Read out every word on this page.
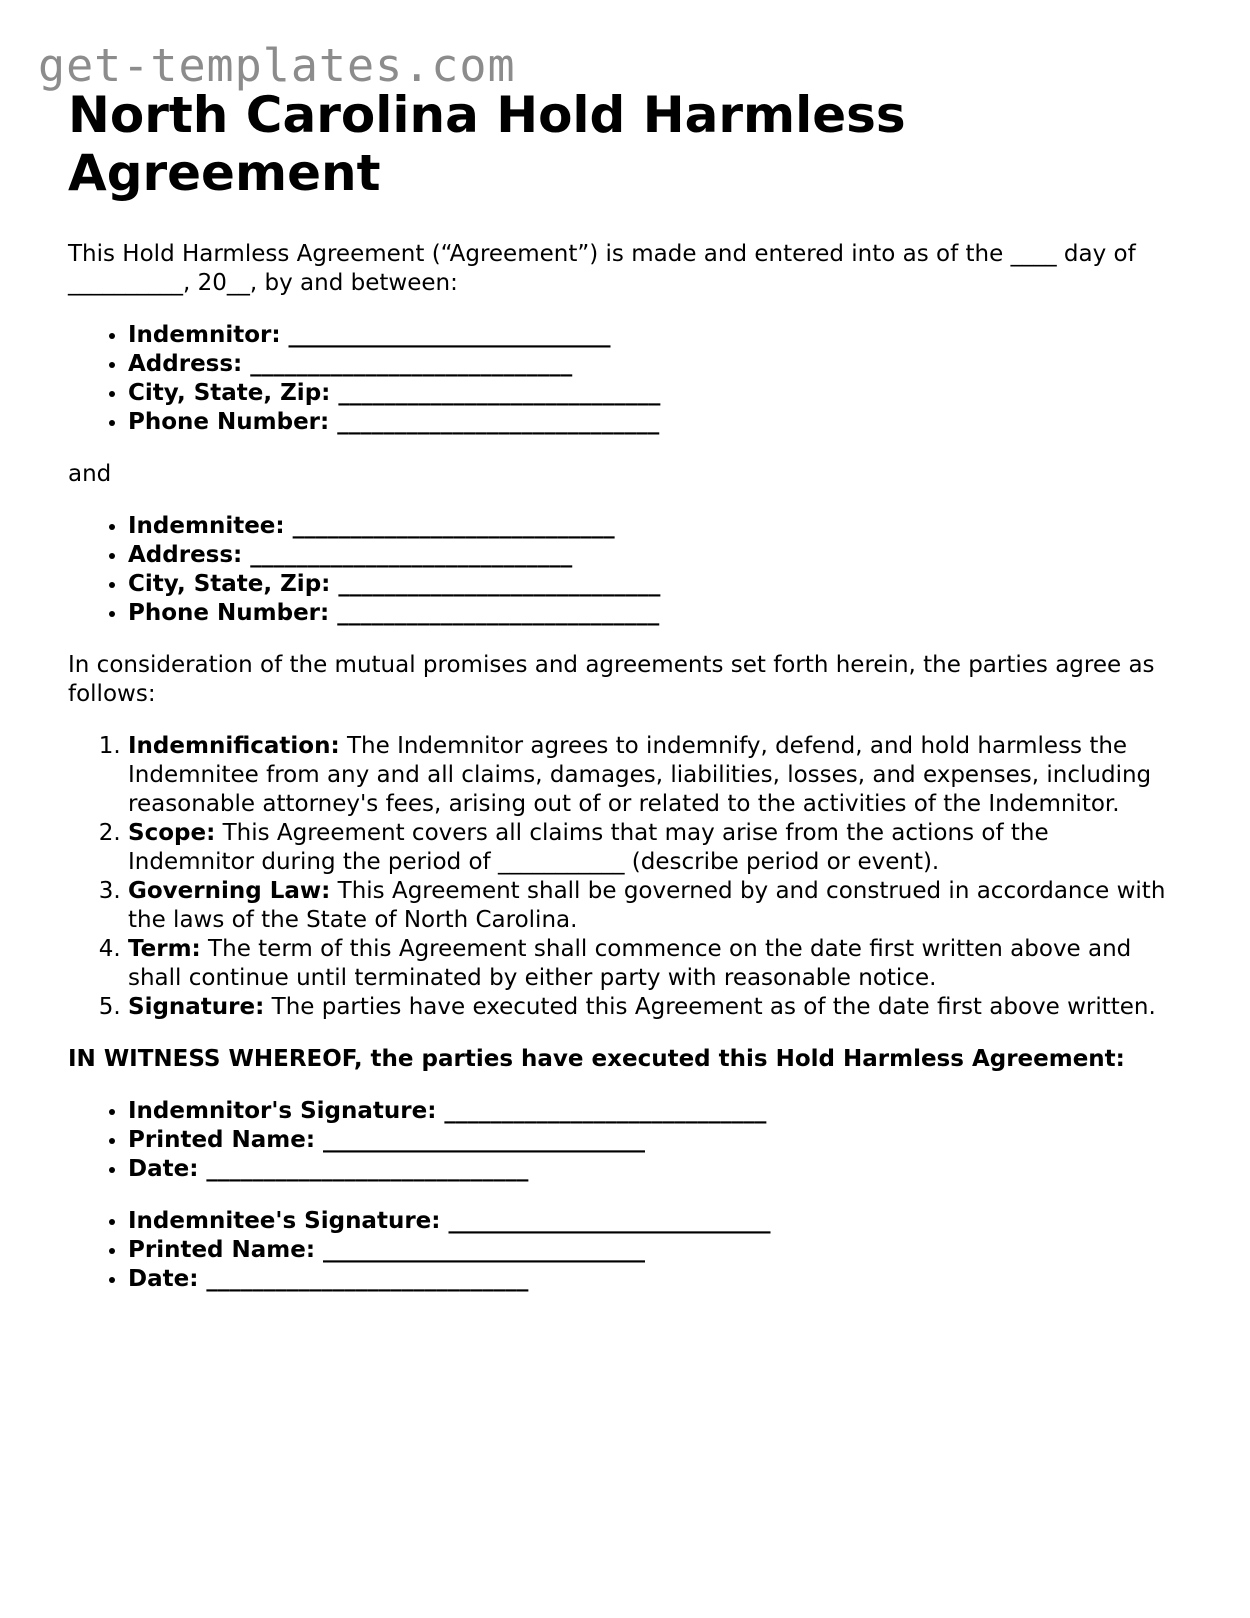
get-templates.com
North Carolina Hold Harmless Agreement

This Hold Harmless Agreement (“Agreement”) is made and entered into as of the ____ day of __________, 20__, by and between:

• Indemnitor: ____________________________
• Address: ____________________________
• City, State, Zip: ____________________________
• Phone Number: ____________________________

and

• Indemnitee: ____________________________
• Address: ____________________________
• City, State, Zip: ____________________________
• Phone Number: ____________________________

In consideration of the mutual promises and agreements set forth herein, the parties agree as follows:

1. Indemnification: The Indemnitor agrees to indemnify, defend, and hold harmless the Indemnitee from any and all claims, damages, liabilities, losses, and expenses, including reasonable attorney's fees, arising out of or related to the activities of the Indemnitor.
2. Scope: This Agreement covers all claims that may arise from the actions of the Indemnitor during the period of ___________ (describe period or event).
3. Governing Law: This Agreement shall be governed by and construed in accordance with the laws of the State of North Carolina.
4. Term: The term of this Agreement shall commence on the date first written above and shall continue until terminated by either party with reasonable notice.
5. Signature: The parties have executed this Agreement as of the date first above written.

IN WITNESS WHEREOF, the parties have executed this Hold Harmless Agreement:

• Indemnitor's Signature: ____________________________
• Printed Name: ____________________________
• Date: ____________________________
• Indemnitee's Signature: ____________________________
• Printed Name: ____________________________
• Date: ____________________________
